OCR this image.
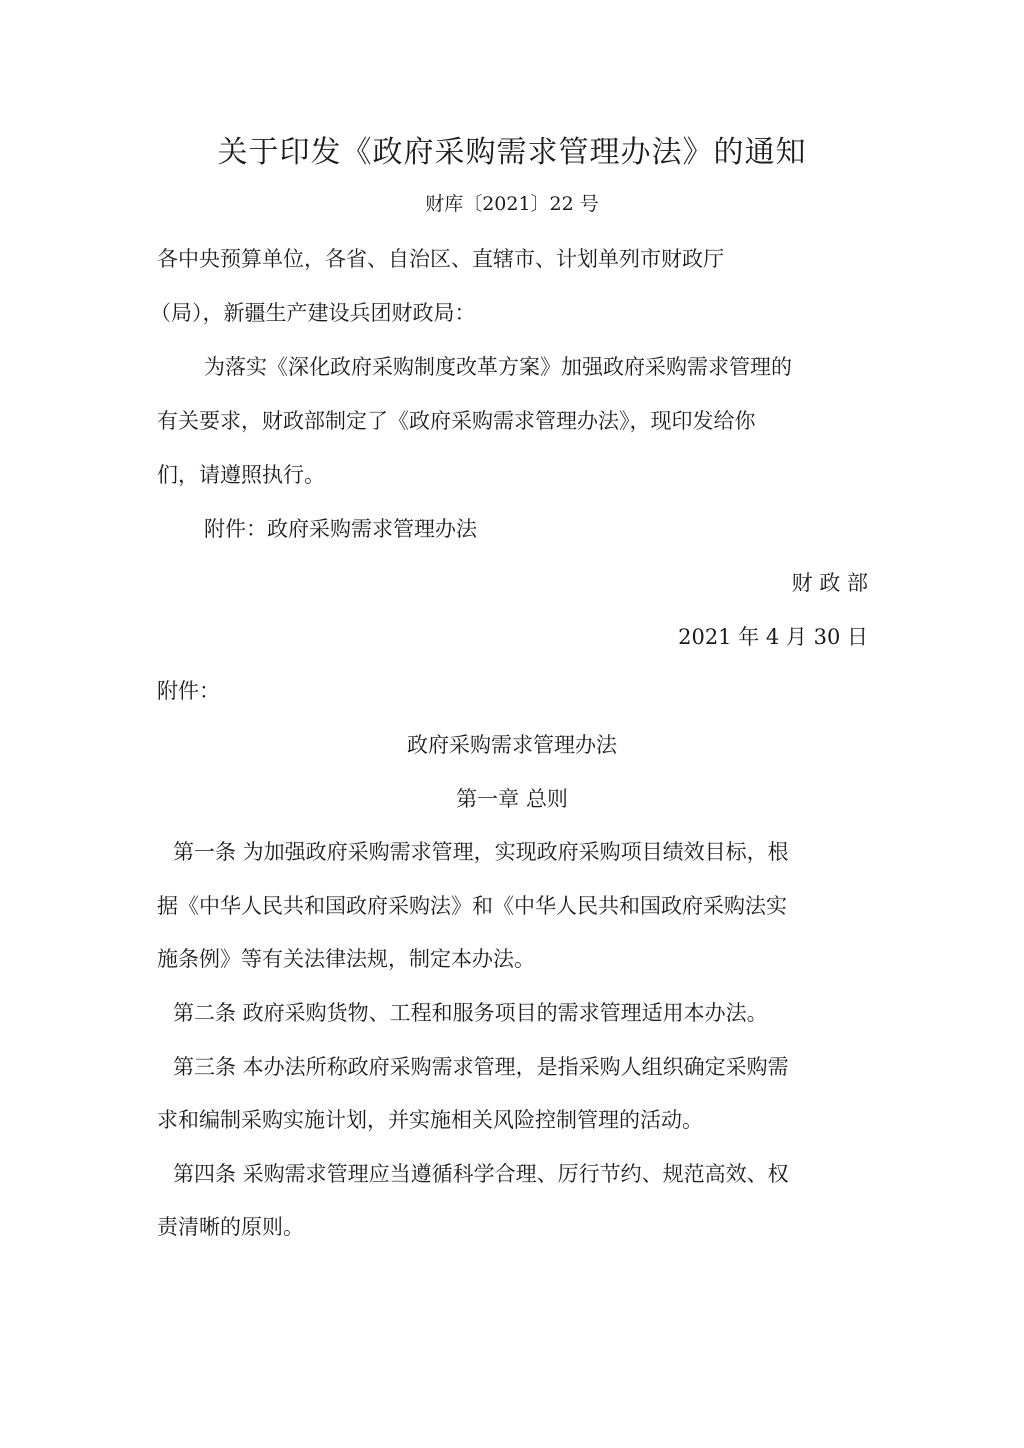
关于印发《政府采购需求管理办法》的通知
财库〔2021〕22 号
各中央预算单位，各省、自治区、直辖市、计划单列市财政厅
（局），新疆生产建设兵团财政局：
为落实《深化政府采购制度改革方案》加强政府采购需求管理的
有关要求，财政部制定了《政府采购需求管理办法》，现印发给你
们，请遵照执行。
附件：政府采购需求管理办法
财 政 部
2021 年 4 月 30 日
附件：
政府采购需求管理办法
第一章 总则
第一条 为加强政府采购需求管理，实现政府采购项目绩效目标，根
据《中华人民共和国政府采购法》和《中华人民共和国政府采购法实
施条例》等有关法律法规，制定本办法。
第二条 政府采购货物、工程和服务项目的需求管理适用本办法。
第三条 本办法所称政府采购需求管理，是指采购人组织确定采购需
求和编制采购实施计划，并实施相关风险控制管理的活动。
第四条 采购需求管理应当遵循科学合理、厉行节约、规范高效、权
责清晰的原则。
